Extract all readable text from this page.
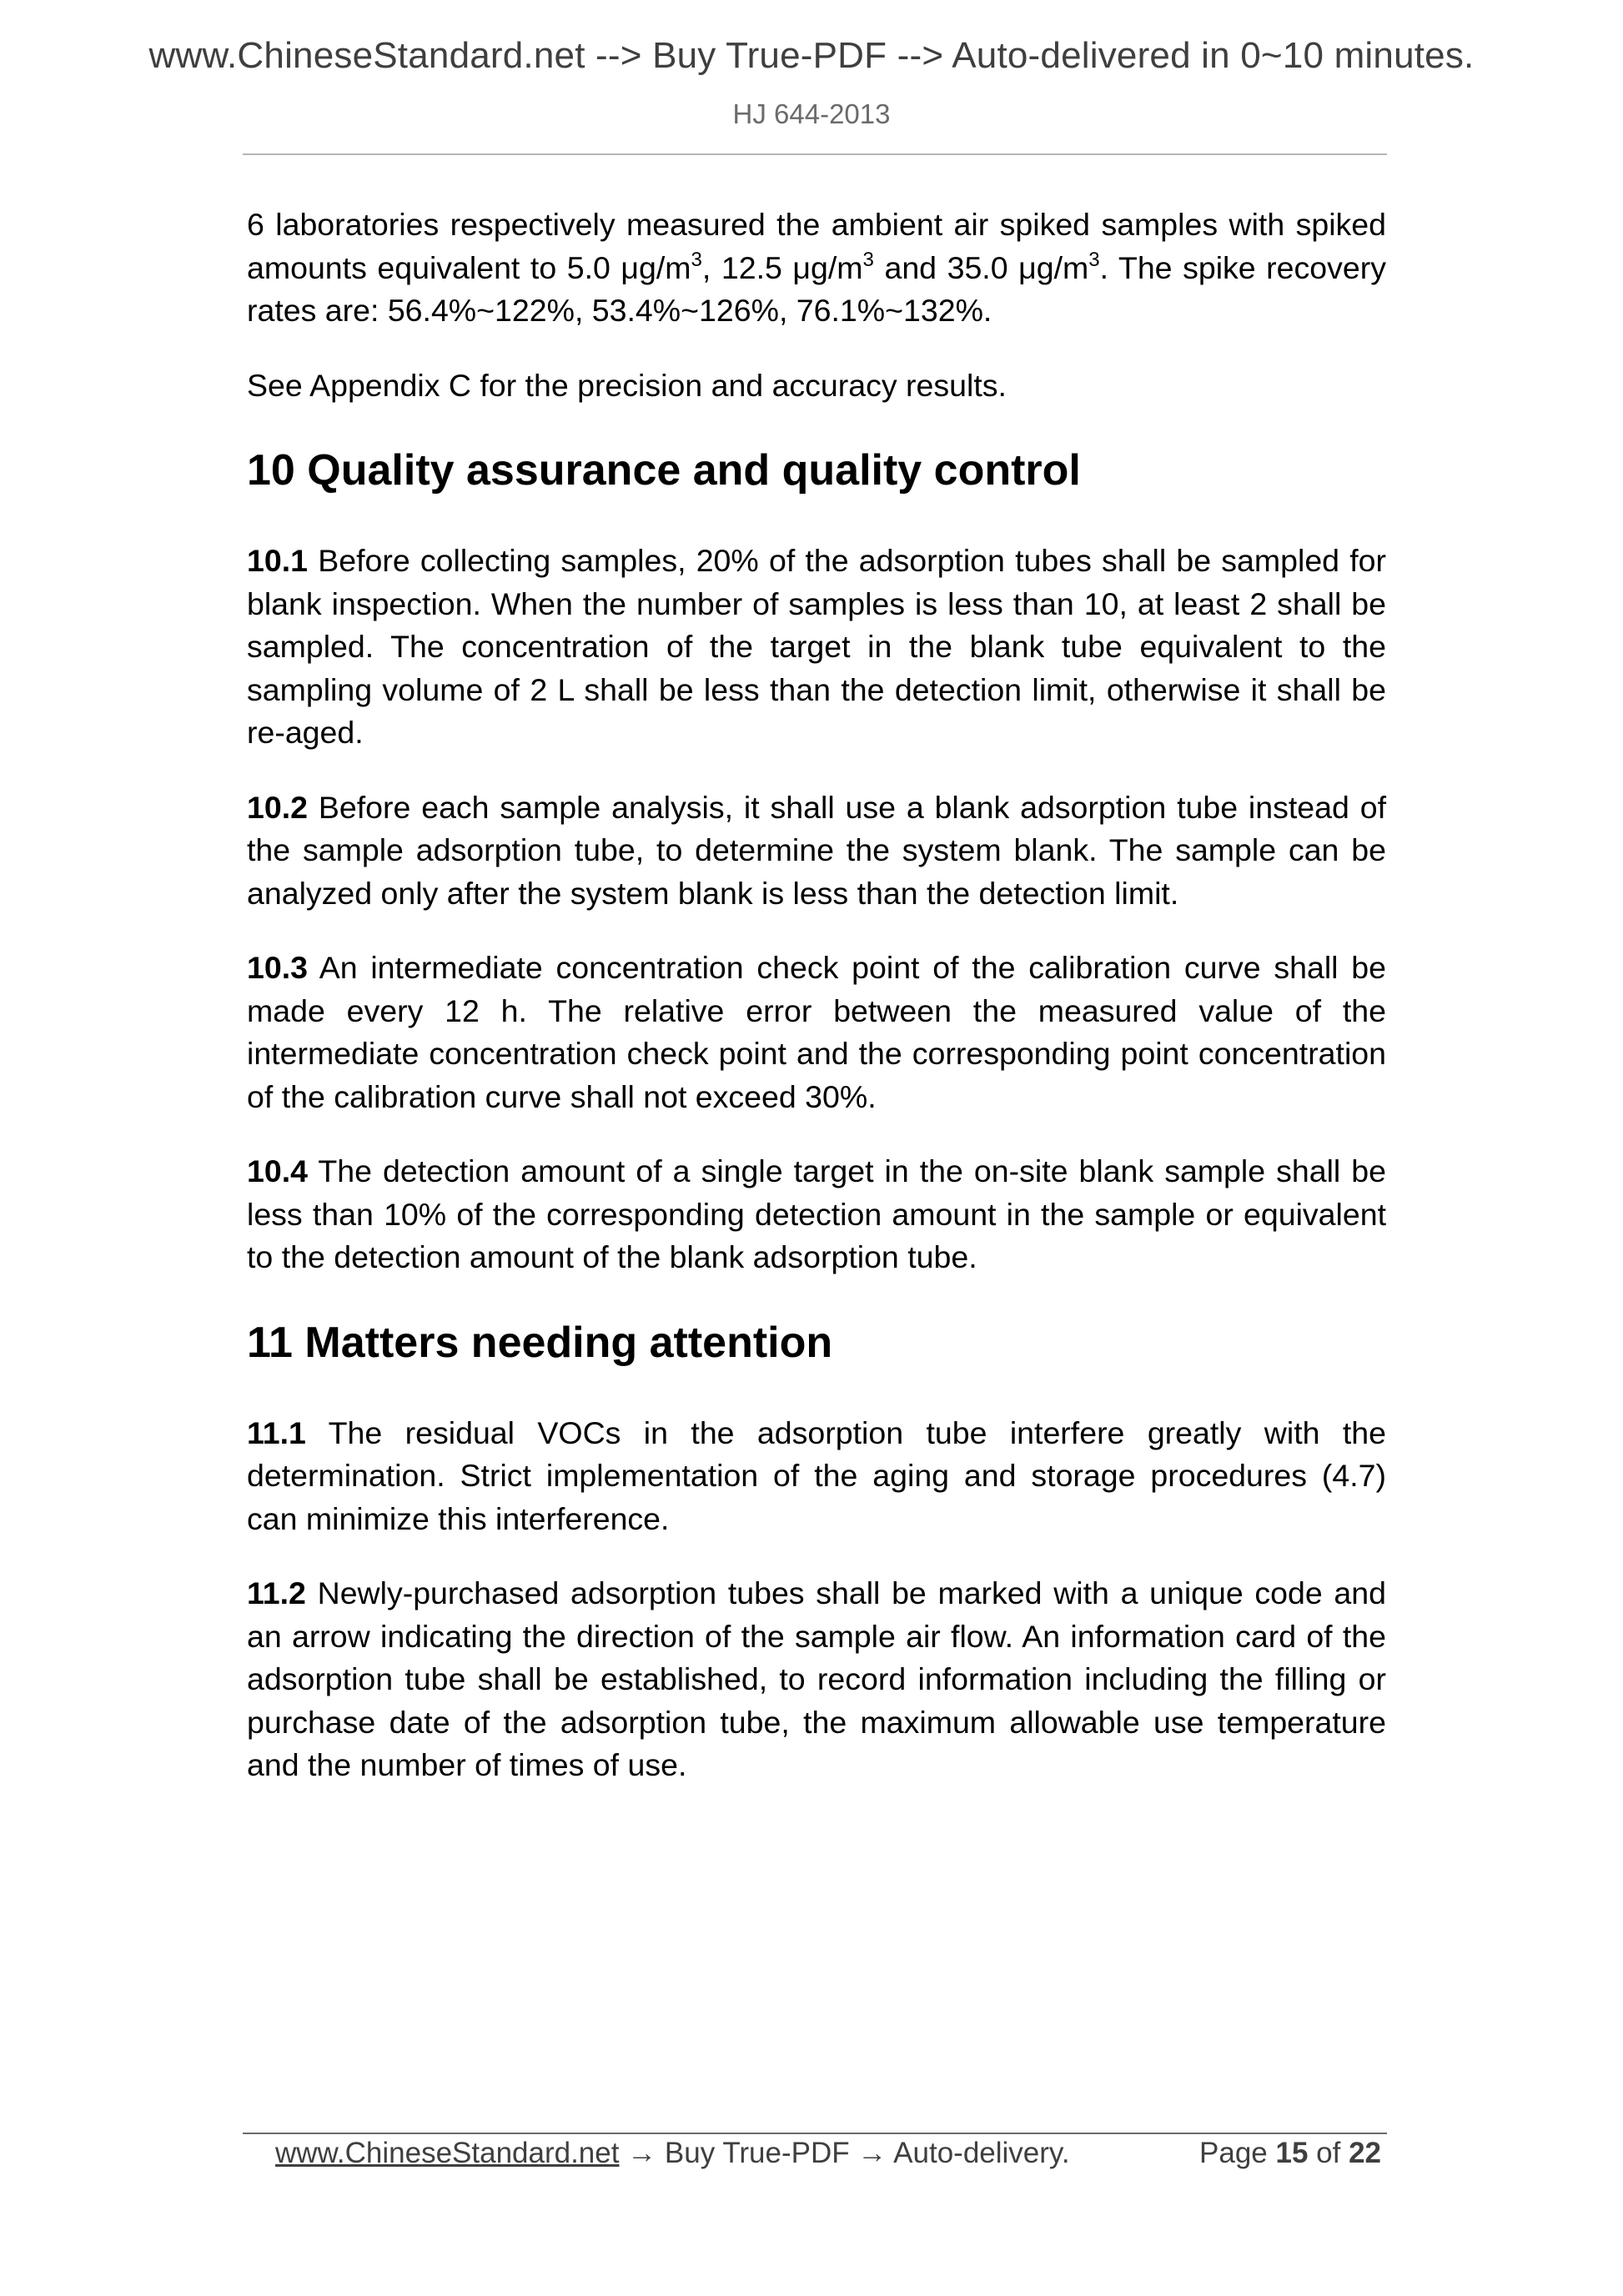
www.ChineseStandard.net --> Buy True-PDF --> Auto-delivered in 0~10 minutes.
HJ 644-2013

6 laboratories respectively measured the ambient air spiked samples with spiked amounts equivalent to 5.0 $\mu g/m^3$, 12.5 $\mu g/m^3$ and 35.0 $\mu g/m^3$. The spike recovery rates are: 56.4%~122%, 53.4%~126%, 76.1%~132%.

See Appendix C for the precision and accuracy results.

10 Quality assurance and quality control

10.1 Before collecting samples, 20% of the adsorption tubes shall be sampled for blank inspection. When the number of samples is less than 10, at least 2 shall be sampled. The concentration of the target in the blank tube equivalent to the sampling volume of 2 L shall be less than the detection limit, otherwise it shall be re-aged.

10.2 Before each sample analysis, it shall use a blank adsorption tube instead of the sample adsorption tube, to determine the system blank. The sample can be analyzed only after the system blank is less than the detection limit.

10.3 An intermediate concentration check point of the calibration curve shall be made every 12 h. The relative error between the measured value of the intermediate concentration check point and the corresponding point concentration of the calibration curve shall not exceed 30%.

10.4 The detection amount of a single target in the on-site blank sample shall be less than 10% of the corresponding detection amount in the sample or equivalent to the detection amount of the blank adsorption tube.

11 Matters needing attention

11.1 The residual VOCs in the adsorption tube interfere greatly with the determination. Strict implementation of the aging and storage procedures (4.7) can minimize this interference.

11.2 Newly-purchased adsorption tubes shall be marked with a unique code and an arrow indicating the direction of the sample air flow. An information card of the adsorption tube shall be established, to record information including the filling or purchase date of the adsorption tube, the maximum allowable use temperature and the number of times of use.

www.ChineseStandard.net → Buy True-PDF → Auto-delivery.	Page 15 of 22
